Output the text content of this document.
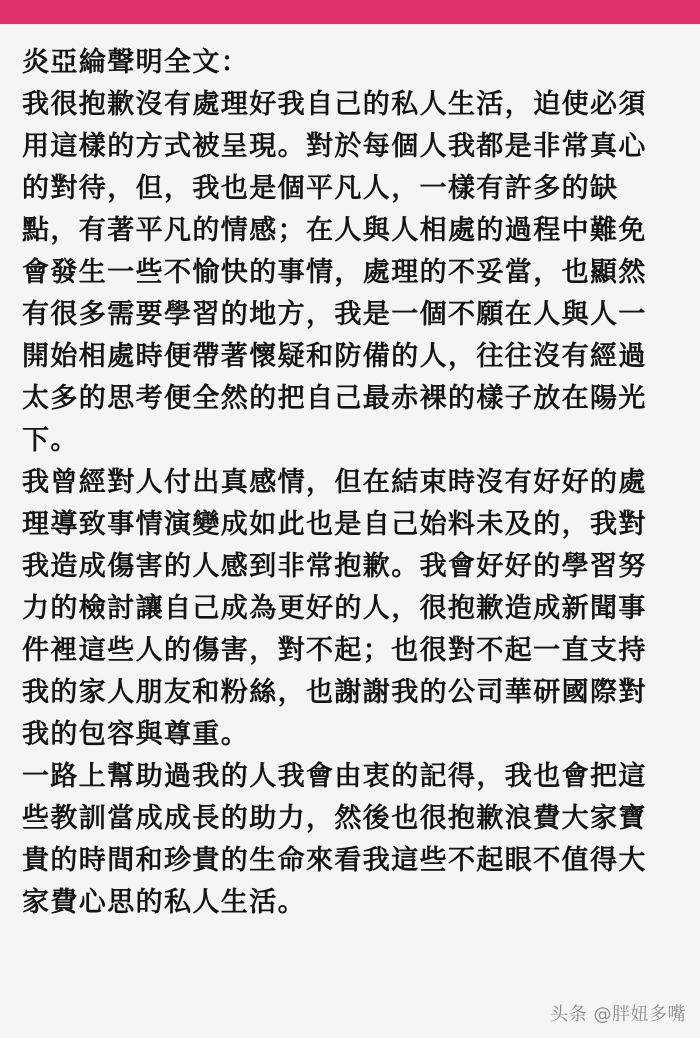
炎亞綸聲明全文：
我很抱歉沒有處理好我自己的私人生活，迫使必須
用這樣的方式被呈現。對於每個人我都是非常真心
的對待，但，我也是個平凡人，一樣有許多的缺
點，有著平凡的情感；在人與人相處的過程中難免
會發生一些不愉快的事情，處理的不妥當，也顯然
有很多需要學習的地方，我是一個不願在人與人一
開始相處時便帶著懷疑和防備的人，往往沒有經過
太多的思考便全然的把自己最赤裸的樣子放在陽光
下。
我曾經對人付出真感情，但在結束時沒有好好的處
理導致事情演變成如此也是自己始料未及的，我對
我造成傷害的人感到非常抱歉。我會好好的學習努
力的檢討讓自己成為更好的人，很抱歉造成新聞事
件裡這些人的傷害，對不起；也很對不起一直支持
我的家人朋友和粉絲，也謝謝我的公司華研國際對
我的包容與尊重。
一路上幫助過我的人我會由衷的記得，我也會把這
些教訓當成成長的助力，然後也很抱歉浪費大家寶
貴的時間和珍貴的生命來看我這些不起眼不值得大
家費心思的私人生活。
头条 @胖妞多嘴
